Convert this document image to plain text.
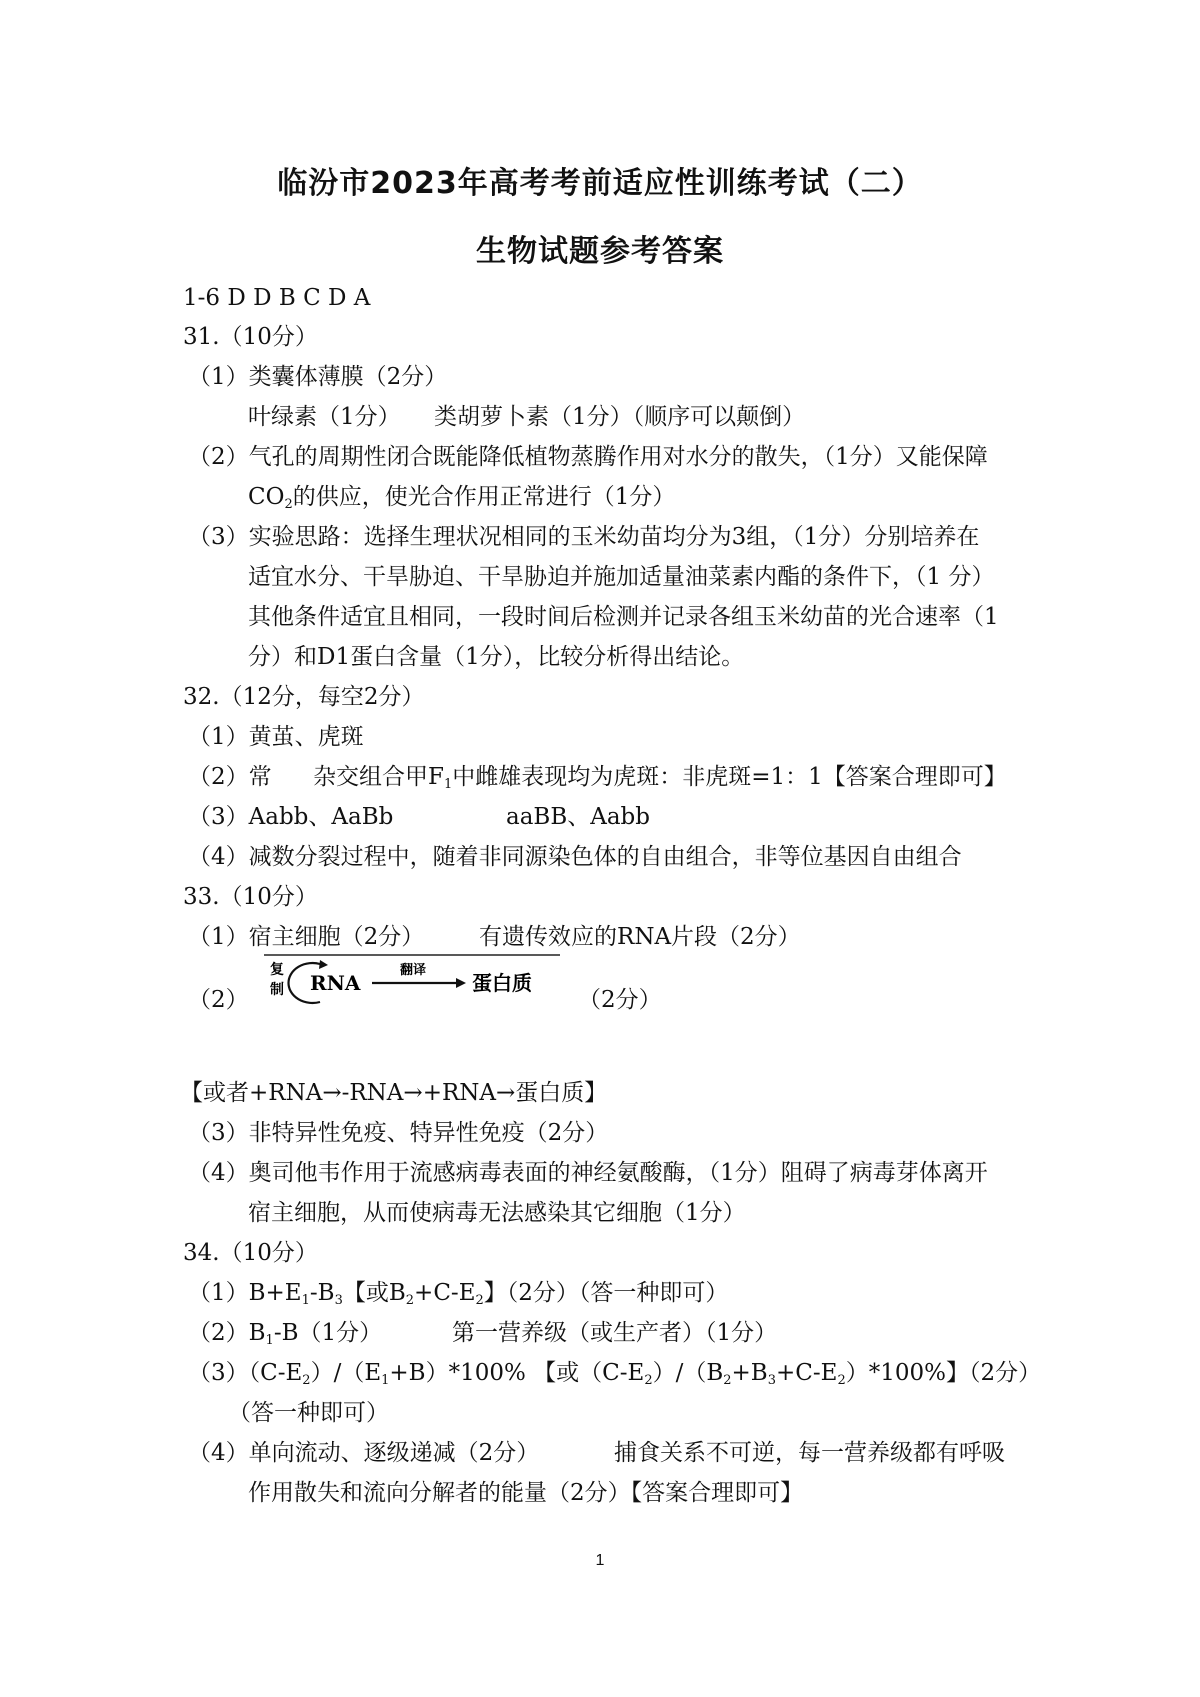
临汾市2023年高考考前适应性训练考试（二）
生物试题参考答案
1-6 D D B C D A
31.（10分）
（1）类囊体薄膜（2分）
叶绿素（1分） 类胡萝卜素（1分）（顺序可以颠倒）
（2）气孔的周期性闭合既能降低植物蒸腾作用对水分的散失，（1分）又能保障
$CO_2$的供应，使光合作用正常进行（1分）
（3）实验思路：选择生理状况相同的玉米幼苗均分为3组，（1分）分别培养在
适宜水分、干旱胁迫、干旱胁迫并施加适量油菜素内酯的条件下，（1 分）
其他条件适宜且相同，一段时间后检测并记录各组玉米幼苗的光合速率（1
分）和D1蛋白含量（1分），比较分析得出结论。
32.（12分，每空2分）
（1）黄茧、虎斑
（2）常 杂交组合甲$F_1$中雌雄表现均为虎斑：非虎斑=1：1【答案合理即可】
（3）Aabb、AaBb	aaBB、Aabb
（4）减数分裂过程中，随着非同源染色体的自由组合，非等位基因自由组合
33.（10分）
（1）宿主细胞（2分） 有遗传效应的RNA片段（2分）
（2）
复
制 RNA
翻译
蛋白质
（2分）
【或者+RNA→-RNA→+RNA→蛋白质】
（3）非特异性免疫、特异性免疫（2分）
（4）奥司他韦作用于流感病毒表面的神经氨酸酶，（1分）阻碍了病毒芽体离开
宿主细胞，从而使病毒无法感染其它细胞（1分）
34.（10分）
$(1)B+E_1-B_3$【或$B_2+C-E_2$】（2分）（答一种即可）
$(2)B_1-B(1$分）	第一营养级（或生产者）（1分）
$(3)(C-E_2)/(E_1+B)*100\%$ 【或$(C-E_2)/(B_2+B_3+C-E_2)*100\%$】（2分）
（答一种即可）
（4）单向流动、逐级递减（2分）	捕食关系不可逆，每一营养级都有呼吸
作用散失和流向分解者的能量（2分）【答案合理即可】
1
